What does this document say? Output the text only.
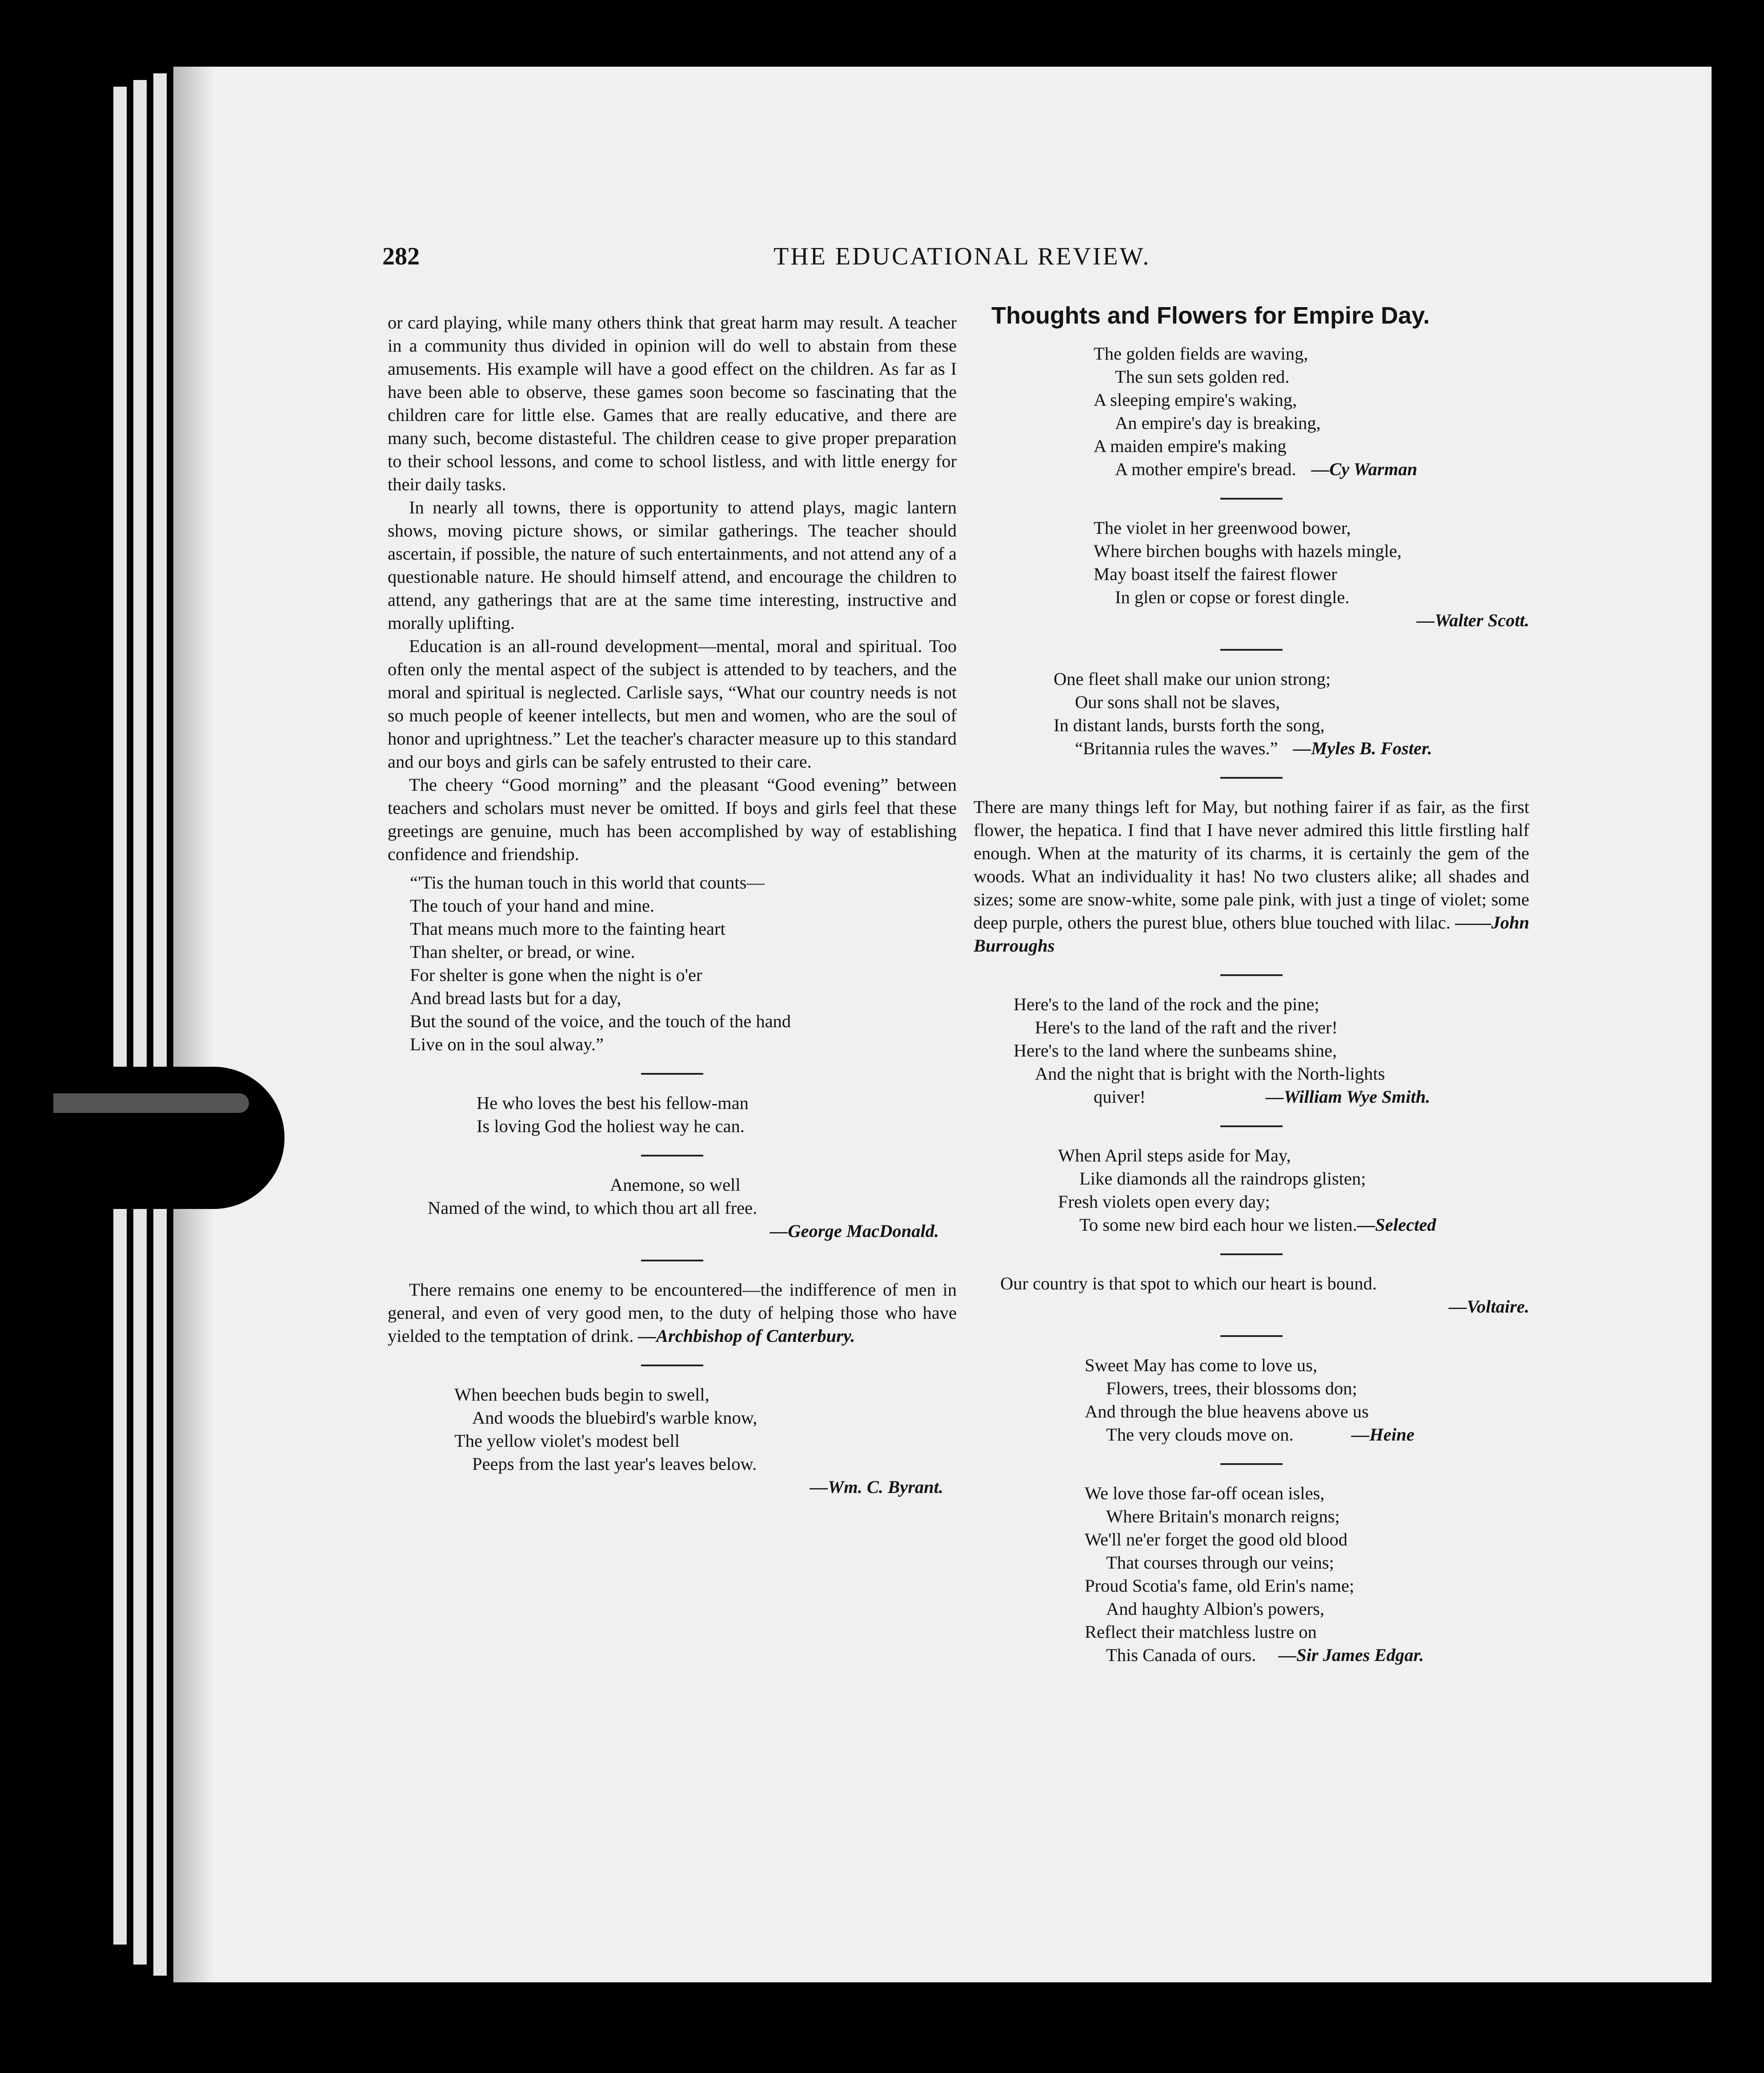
282	THE EDUCATIONAL REVIEW.

or card playing, while many others think that great harm may result. A teacher in a community thus divided in opinion will do well to abstain from these amusements. His example will have a good effect on the children. As far as I have been able to observe, these games soon become so fascinating that the children care for little else. Games that are really educative, and there are many such, become distasteful. The children cease to give proper preparation to their school lessons, and come to school listless, and with little energy for their daily tasks.

In nearly all towns, there is opportunity to attend plays, magic lantern shows, moving picture shows, or similar gatherings. The teacher should ascertain, if possible, the nature of such entertainments, and not attend any of a questionable nature. He should himself attend, and encourage the children to attend, any gatherings that are at the same time interesting, instructive and morally uplifting.

Education is an all-round development—mental, moral and spiritual. Too often only the mental aspect of the subject is attended to by teachers, and the moral and spiritual is neglected. Carlisle says, “What our country needs is not so much people of keener intellects, but men and women, who are the soul of honor and uprightness.” Let the teacher's character measure up to this standard and our boys and girls can be safely entrusted to their care.

The cheery “Good morning” and the pleasant “Good evening” between teachers and scholars must never be omitted. If boys and girls feel that these greetings are genuine, much has been accomplished by way of establishing confidence and friendship.

“'Tis the human touch in this world that counts—
The touch of your hand and mine.
That means much more to the fainting heart
Than shelter, or bread, or wine.
For shelter is gone when the night is o'er
And bread lasts but for a day,
But the sound of the voice, and the touch of the hand
Live on in the soul alway.”
He who loves the best his fellow-man
Is loving God the holiest way he can.
Anemone, so well
Named of the wind, to which thou art all free.
—George MacDonald.

There remains one enemy to be encountered—the indifference of men in general, and even of very good men, to the duty of helping those who have yielded to the temptation of drink. —Archbishop of Canterbury.

When beechen buds begin to swell,
And woods the bluebird's warble know,
The yellow violet's modest bell
Peeps from the last year's leaves below.
—Wm. C. Byrant.
Thoughts and Flowers for Empire Day.
The golden fields are waving,
The sun sets golden red.
A sleeping empire's waking,
An empire's day is breaking,
A maiden empire's making
A mother empire's bread. —Cy Warman
The violet in her greenwood bower,
Where birchen boughs with hazels mingle,
May boast itself the fairest flower
In glen or copse or forest dingle.
—Walter Scott.
One fleet shall make our union strong;
Our sons shall not be slaves,
In distant lands, bursts forth the song,
“Britannia rules the waves.” —Myles B. Foster.

There are many things left for May, but nothing fairer if as fair, as the first flower, the hepatica. I find that I have never admired this little firstling half enough. When at the maturity of its charms, it is certainly the gem of the woods. What an individuality it has! No two clusters alike; all shades and sizes; some are snow-white, some pale pink, with just a tinge of violet; some deep purple, others the purest blue, others blue touched with lilac. ——John Burroughs

Here's to the land of the rock and the pine;
Here's to the land of the raft and the river!
Here's to the land where the sunbeams shine,
And the night that is bright with the North-lights
quiver!	—William Wye Smith.
When April steps aside for May,
Like diamonds all the raindrops glisten;
Fresh violets open every day;
To some new bird each hour we listen.—Selected
Our country is that spot to which our heart is bound.
—Voltaire.
Sweet May has come to love us,
Flowers, trees, their blossoms don;
And through the blue heavens above us
The very clouds move on.	—Heine
We love those far-off ocean isles,
Where Britain's monarch reigns;
We'll ne'er forget the good old blood
That courses through our veins;
Proud Scotia's fame, old Erin's name;
And haughty Albion's powers,
Reflect their matchless lustre on
This Canada of ours. —Sir James Edgar.
